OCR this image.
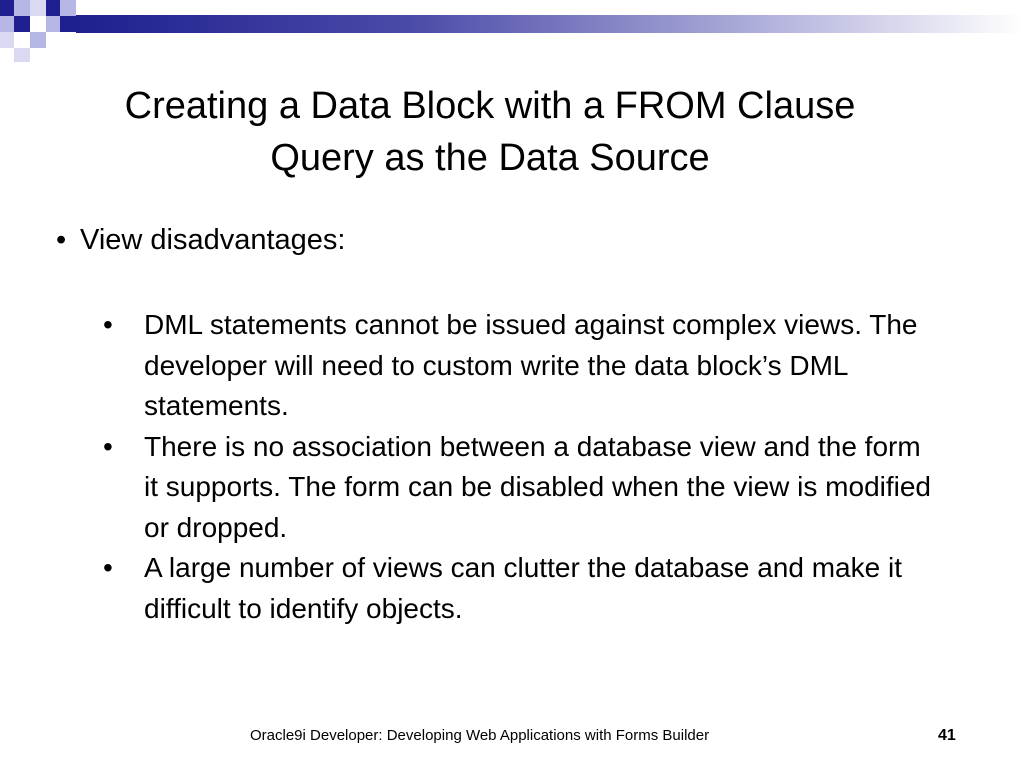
Creating a Data Block with a FROM Clause
Query as the Data Source
• View disadvantages:
• DML statements cannot be issued against complex views. The developer will need to custom write the data block’s DML statements.
• There is no association between a database view and the form it supports. The form can be disabled when the view is modified or dropped.
• A large number of views can clutter the database and make it difficult to identify objects.
Oracle9i Developer: Developing Web Applications with Forms Builder	41
